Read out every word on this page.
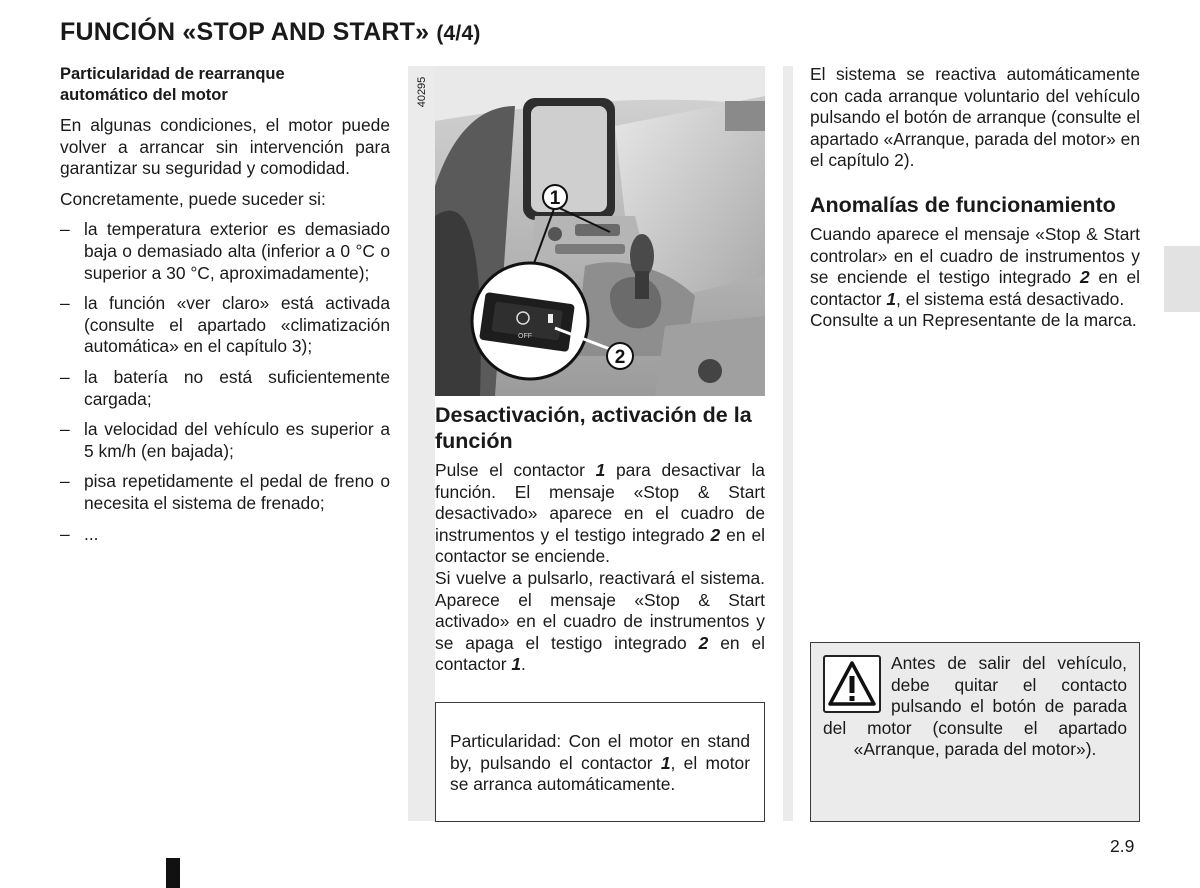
FUNCIÓN «STOP AND START» (4/4)
Particularidad de rearranque
automático del motor

En algunas condiciones, el motor puede volver a arrancar sin intervención para garantizar su seguridad y comodidad.

Concretamente, puede suceder si:

– la temperatura exterior es demasiado baja o demasiado alta (inferior a 0 °C o superior a 30 °C, aproximadamente);
– la función «ver claro» está activada (consulte el apartado «climatización automática» en el capítulo 3);
– la batería no está suficientemente cargada;
– la velocidad del vehículo es superior a 5 km/h (en bajada);
– pisa repetidamente el pedal de freno o necesita el sistema de frenado;
– ...
40295
1
OFF
2
Desactivación, activación de la función

Pulse el contactor 1 para desactivar la función. El mensaje «Stop & Start desactivado» aparece en el cuadro de instrumentos y el testigo integrado 2 en el contactor se enciende.

Si vuelve a pulsarlo, reactivará el sistema. Aparece el mensaje «Stop & Start activado» en el cuadro de instrumentos y se apaga el testigo integrado 2 en el contactor 1.

Particularidad: Con el motor en stand by, pulsando el contactor 1, el motor se arranca automáticamente.

El sistema se reactiva automáticamente con cada arranque voluntario del vehículo pulsando el botón de arranque (consulte el apartado «Arranque, parada del motor» en el capítulo 2).

Anomalías de funcionamiento

Cuando aparece el mensaje «Stop & Start controlar» en el cuadro de instrumentos y se enciende el testigo integrado 2 en el contactor 1, el sistema está desactivado.

Consulte a un Representante de la marca.

Antes de salir del vehículo, debe quitar el contacto pulsando el botón de parada del motor (consulte el apartado «Arranque, parada del motor»).

2.9
